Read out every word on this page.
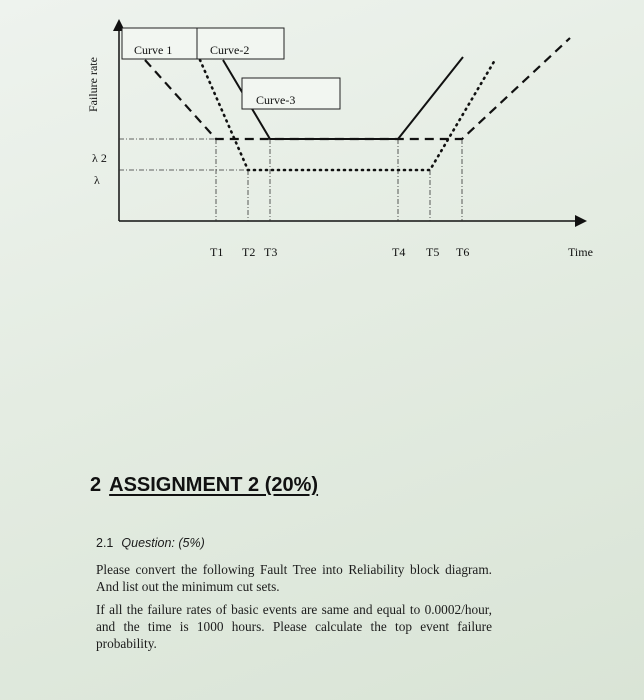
Curve 1	Curve-2
Curve-3
Failure rate
λ 2
λ
T1 T2 T3	T4 T5 T6	Time
2 ASSIGNMENT 2 (20%)
2.1 Question: (5%)
Please convert the following Fault Tree into Reliability block diagram. And list out the minimum cut sets.
If all the failure rates of basic events are same and equal to 0.0002/hour, and the time is 1000 hours. Please calculate the top event failure probability.
